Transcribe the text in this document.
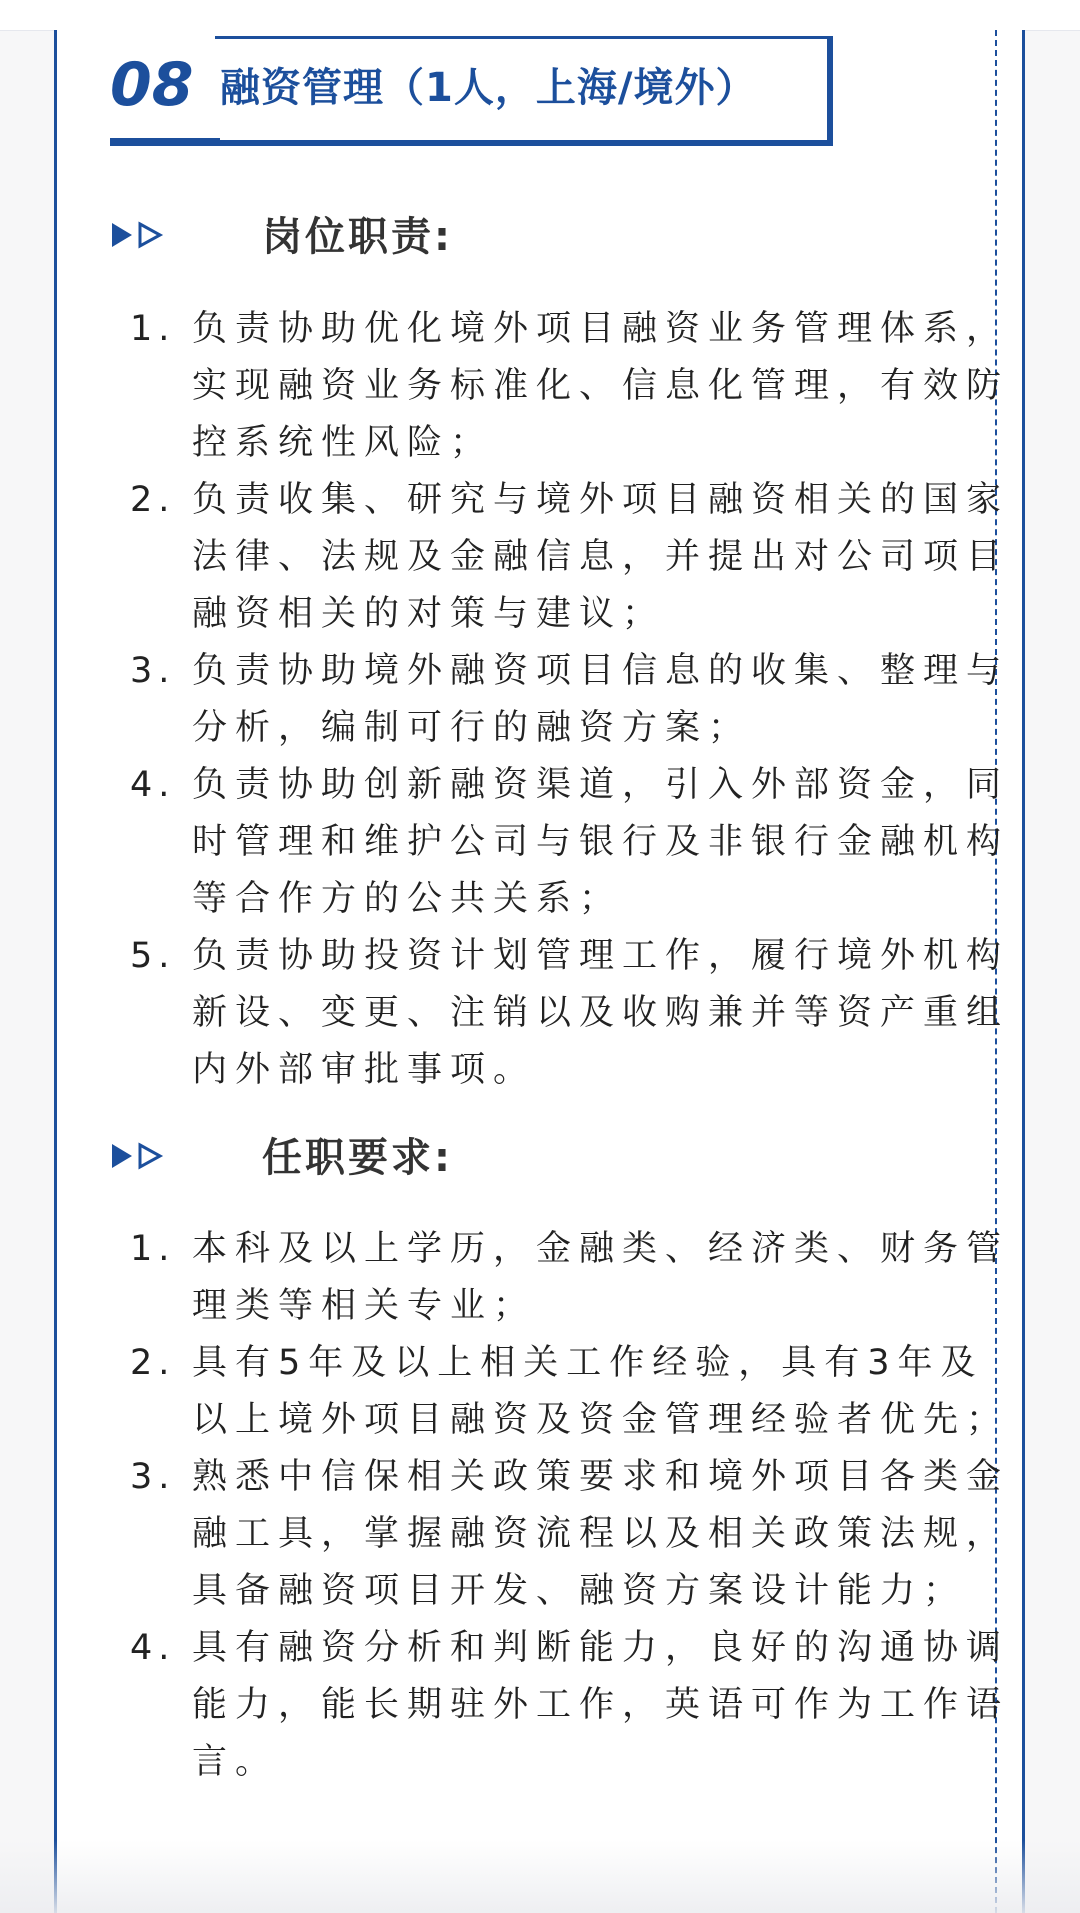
08 融资管理（1人，上海/境外）
岗位职责:
1. 负责协助优化境外项目融资业务管理体系，实现融资业务标准化、信息化管理，有效防控系统性风险；
2. 负责收集、研究与境外项目融资相关的国家法律、法规及金融信息，并提出对公司项目融资相关的对策与建议；
3. 负责协助境外融资项目信息的收集、整理与分析，编制可行的融资方案；
4. 负责协助创新融资渠道，引入外部资金，同时管理和维护公司与银行及非银行金融机构等合作方的公共关系；
5. 负责协助投资计划管理工作，履行境外机构新设、变更、注销以及收购兼并等资产重组内外部审批事项。
任职要求:
1. 本科及以上学历，金融类、经济类、财务管理类等相关专业；
2. 具有5年及以上相关工作经验，具有3年及以上境外项目融资及资金管理经验者优先；
3. 熟悉中信保相关政策要求和境外项目各类金融工具，掌握融资流程以及相关政策法规，具备融资项目开发、融资方案设计能力；
4. 具有融资分析和判断能力，良好的沟通协调能力，能长期驻外工作，英语可作为工作语言。
